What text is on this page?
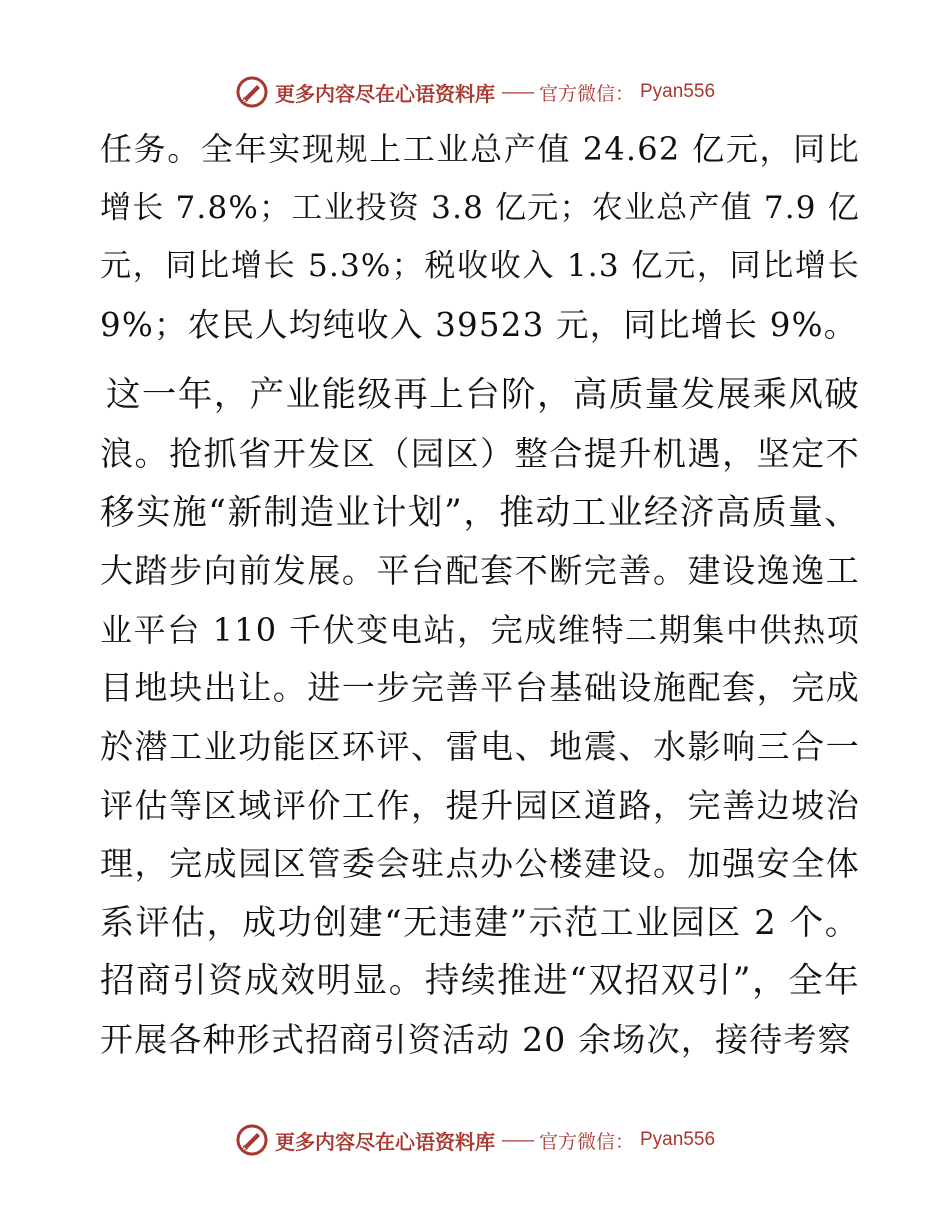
更多内容尽在心语资料库 —— 官方微信： Pyan556

任务。全年实现规上工业总产值 24.62 亿元，同比
增长 7.8%；工业投资 3.8 亿元；农业总产值 7.9 亿
元，同比增长 5.3%；税收收入 1.3 亿元，同比增长
9%；农民人均纯收入 39523 元，同比增长 9%。

这一年，产业能级再上台阶，高质量发展乘风破
浪。抢抓省开发区（园区）整合提升机遇，坚定不
移实施“新制造业计划”，推动工业经济高质量、
大踏步向前发展。平台配套不断完善。建设逸逸工
业平台 110 千伏变电站，完成维特二期集中供热项
目地块出让。进一步完善平台基础设施配套，完成
於潜工业功能区环评、雷电、地震、水影响三合一
评估等区域评价工作，提升园区道路，完善边坡治
理，完成园区管委会驻点办公楼建设。加强安全体
系评估，成功创建“无违建”示范工业园区 2 个。
招商引资成效明显。持续推进“双招双引”，全年
开展各种形式招商引资活动 20 余场次，接待考察

更多内容尽在心语资料库 —— 官方微信： Pyan556
